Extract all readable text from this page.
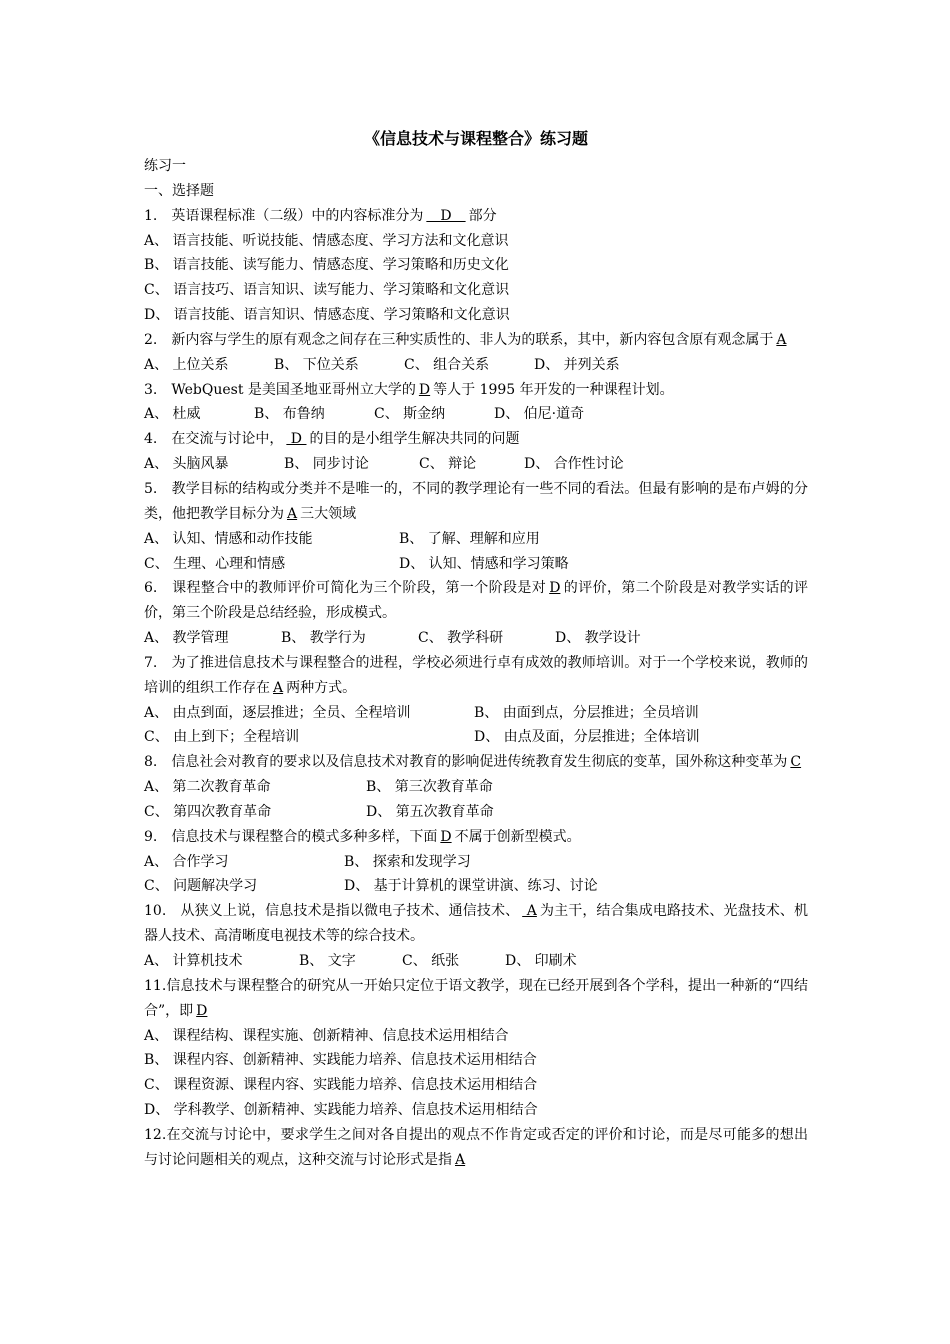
《信息技术与课程整合》练习题

练习一

一、选择题

1.　英语课程标准（二级）中的内容标准分为　D　部分

A、 语言技能、听说技能、情感态度、学习方法和文化意识

B、 语言技能、读写能力、情感态度、学习策略和历史文化

C、 语言技巧、语言知识、读写能力、学习策略和文化意识

D、 语言技能、语言知识、情感态度、学习策略和文化意识

2.　新内容与学生的原有观念之间存在三种实质性的、非人为的联系，其中，新内容包含原有观念属于 A

A、 上位关系	B、 下位关系	C、 组合关系	D、 并列关系

3.　WebQuest 是美国圣地亚哥州立大学的 D 等人于 1995 年开发的一种课程计划。

A、 杜威	B、 布鲁纳	C、 斯金纳	D、 伯尼·道奇

4.　在交流与讨论中， D 的目的是小组学生解决共同的问题

A、 头脑风暴	B、 同步讨论	C、 辩论	D、 合作性讨论

5.　教学目标的结构或分类并不是唯一的，不同的教学理论有一些不同的看法。但最有影响的是布卢姆的分类，他把教学目标分为 A 三大领域

A、 认知、情感和动作技能	B、 了解、理解和应用
C、 生理、心理和情感	D、 认知、情感和学习策略

6.　课程整合中的教师评价可简化为三个阶段，第一个阶段是对 D 的评价，第二个阶段是对教学实话的评价，第三个阶段是总结经验，形成模式。

A、 教学管理	B、 教学行为	C、 教学科研	D、 教学设计

7.　为了推进信息技术与课程整合的进程，学校必须进行卓有成效的教师培训。对于一个学校来说，教师的培训的组织工作存在 A 两种方式。

A、 由点到面，逐层推进；全员、全程培训	B、 由面到点，分层推进；全员培训
C、 由上到下；全程培训	D、 由点及面，分层推进；全体培训

8.　信息社会对教育的要求以及信息技术对教育的影响促进传统教育发生彻底的变革，国外称这种变革为 C

A、 第二次教育革命	B、 第三次教育革命
C、 第四次教育革命	D、 第五次教育革命

9.　信息技术与课程整合的模式多种多样，下面 D 不属于创新型模式。

A、 合作学习	B、 探索和发现学习
C、 问题解决学习	D、 基于计算机的课堂讲演、练习、讨论

10.　从狭义上说，信息技术是指以微电子技术、通信技术、 A 为主干，结合集成电路技术、光盘技术、机器人技术、高清晰度电视技术等的综合技术。

A、 计算机技术	B、 文字	C、 纸张	D、 印刷术

11.信息技术与课程整合的研究从一开始只定位于语文教学，现在已经开展到各个学科，提出一种新的“四结合”，即 D

A、 课程结构、课程实施、创新精神、信息技术运用相结合

B、 课程内容、创新精神、实践能力培养、信息技术运用相结合

C、 课程资源、课程内容、实践能力培养、信息技术运用相结合

D、 学科教学、创新精神、实践能力培养、信息技术运用相结合

12.在交流与讨论中，要求学生之间对各自提出的观点不作肯定或否定的评价和讨论，而是尽可能多的想出与讨论问题相关的观点，这种交流与讨论形式是指 A
